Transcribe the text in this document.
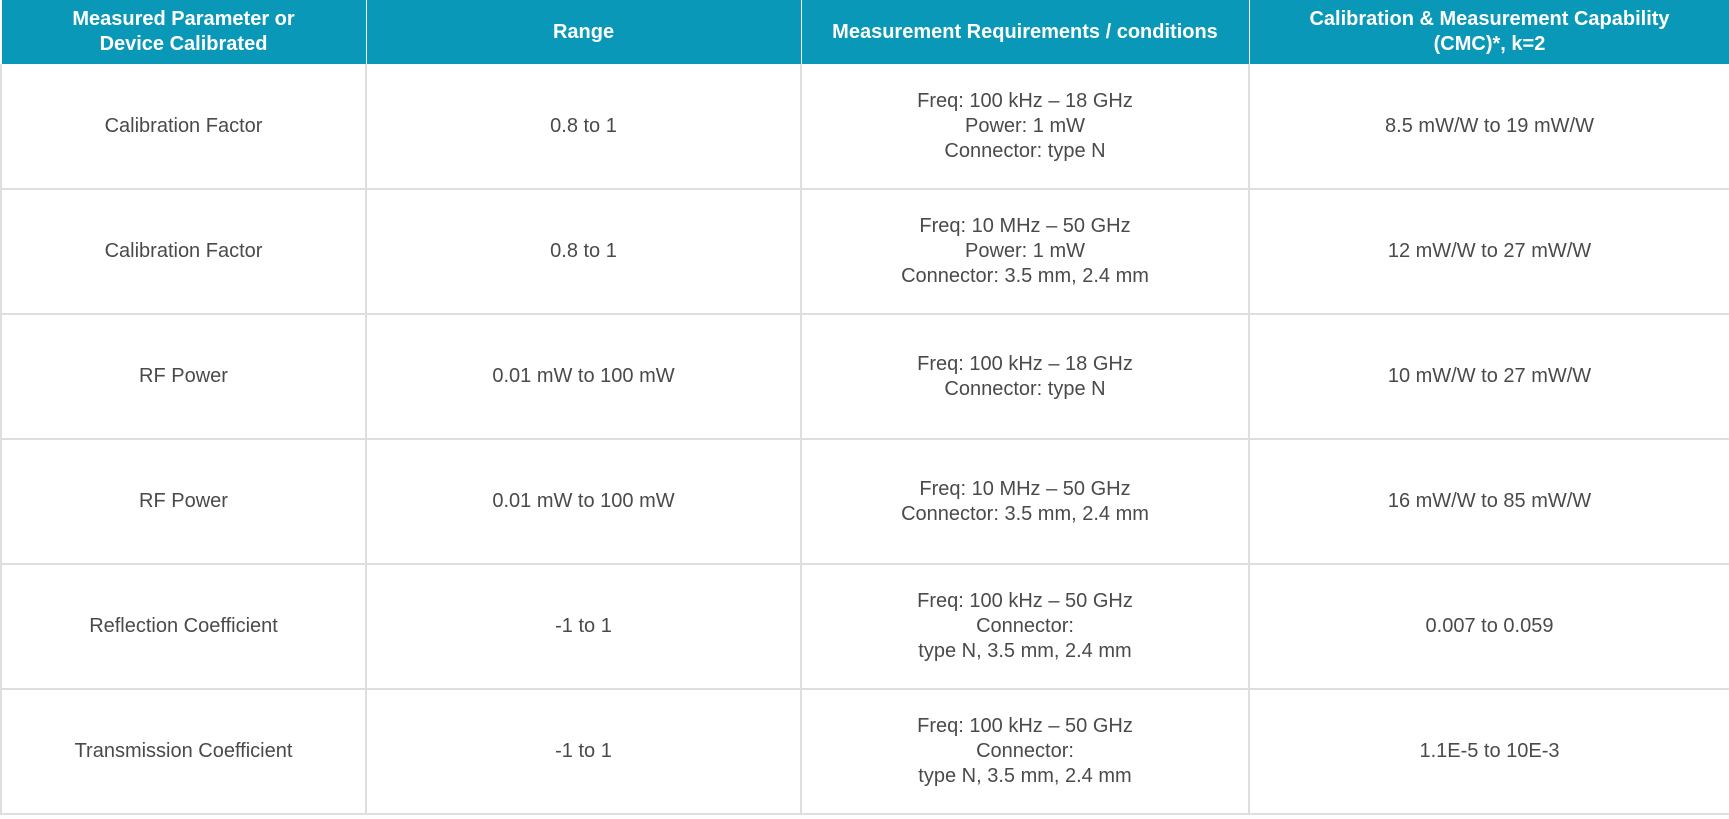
Measured Parameter or
Device Calibrated	Range	Measurement Requirements / conditions	Calibration & Measurement Capability
(CMC)*, k=2

Calibration Factor	0.8 to 1	Freq: 100 kHz – 18 GHz
Power: 1 mW
Connector: type N	8.5 mW/W to 19 mW/W
Calibration Factor	0.8 to 1	Freq: 10 MHz – 50 GHz
Power: 1 mW
Connector: 3.5 mm, 2.4 mm	12 mW/W to 27 mW/W
RF Power	0.01 mW to 100 mW	Freq: 100 kHz – 18 GHz
Connector: type N	10 mW/W to 27 mW/W
RF Power	0.01 mW to 100 mW	Freq: 10 MHz – 50 GHz
Connector: 3.5 mm, 2.4 mm	16 mW/W to 85 mW/W
Reflection Coefficient	-1 to 1	Freq: 100 kHz – 50 GHz
Connector:
type N, 3.5 mm, 2.4 mm	0.007 to 0.059
Transmission Coefficient	-1 to 1	Freq: 100 kHz – 50 GHz
Connector:
type N, 3.5 mm, 2.4 mm	1.1E-5 to 10E-3
